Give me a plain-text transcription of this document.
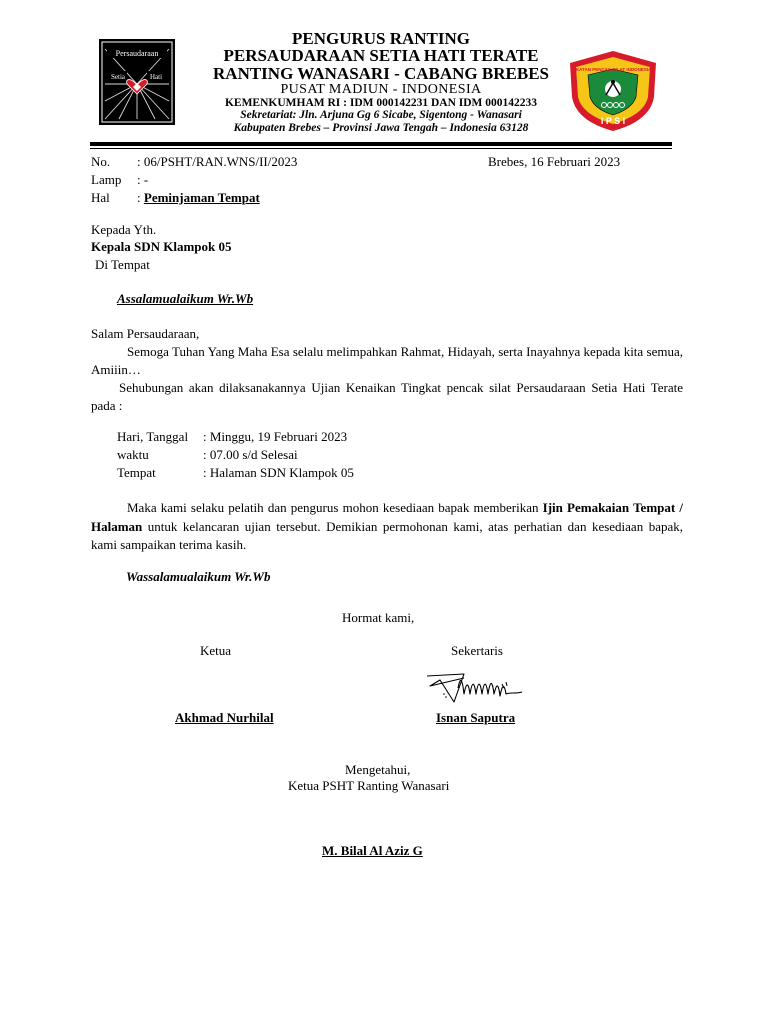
Persaudaraan
Setia	Hati
IKATAN PENCAK SILAT INDONESIA
I P S I
PENGURUS RANTING
PERSAUDARAAN SETIA HATI TERATE
RANTING WANASARI - CABANG BREBES
PUSAT MADIUN - INDONESIA
KEMENKUMHAM RI : IDM 000142231 DAN IDM 000142233
Sekretariat: Jln. Arjuna Gg 6 Sicabe, Sigentong - Wanasari
Kabupaten Brebes – Provinsi Jawa Tengah – Indonesia 63128
No. : 06/PSHT/RAN.WNS/II/2023	Brebes, 16 Februari 2023
Lamp : -
Hal : Peminjaman Tempat
Kepada Yth.
Kepala SDN Klampok 05
Di Tempat
Assalamualaikum Wr.Wb
Salam Persaudaraan,
Semoga Tuhan Yang Maha Esa selalu melimpahkan Rahmat, Hidayah, serta Inayahnya kepada kita semua, Amiiin…
Sehubungan akan dilaksanakannya Ujian Kenaikan Tingkat pencak silat Persaudaraan Setia Hati Terate pada :
Hari, Tanggal : Minggu, 19 Februari 2023
waktu	: 07.00 s/d Selesai
Tempat	: Halaman SDN Klampok 05
Maka kami selaku pelatih dan pengurus mohon kesediaan bapak memberikan Ijin Pemakaian Tempat / Halaman untuk kelancaran ujian tersebut. Demikian permohonan kami, atas perhatian dan kesediaan bapak, kami sampaikan terima kasih.
Wassalamualaikum Wr.Wb
Hormat kami,
Ketua	Sekertaris
Akhmad Nurhilal	Isnan Saputra
Mengetahui,
Ketua PSHT Ranting Wanasari
M. Bilal Al Aziz G
